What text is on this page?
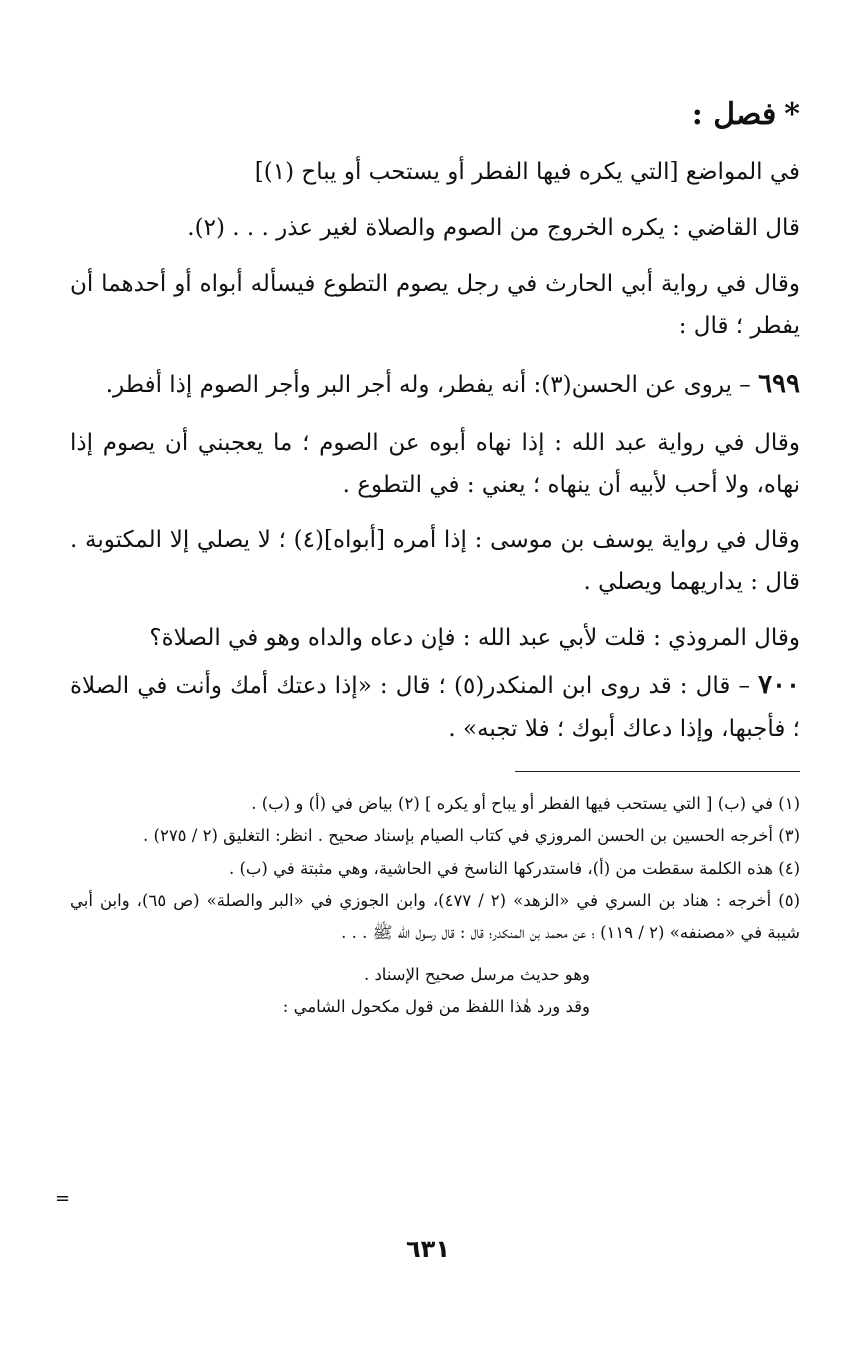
*فصل :

في المواضع [التي يكره فيها الفطر أو يستحب أو يباح (١)]

قال القاضي : يكره الخروج من الصوم والصلاة لغير عذر . . . (٢).

وقال في رواية أبي الحارث في رجل يصوم التطوع فيسأله أبواه أو أحدهما أن يفطر ؛ قال :

٦٩٩ – يروى عن الحسن(٣): أنه يفطر، وله أجر البر وأجر الصوم إذا أفطر.

وقال في رواية عبد الله : إذا نهاه أبوه عن الصوم ؛ ما يعجبني أن يصوم إذا نهاه، ولا أحب لأبيه أن ينهاه ؛ يعني : في التطوع .

وقال في رواية يوسف بن موسى : إذا أمره [أبواه](٤) ؛ لا يصلي إلا المكتوبة . قال : يداريهما ويصلي .

وقال المروذي : قلت لأبي عبد الله : فإن دعاه والداه وهو في الصلاة؟

٧٠٠ – قال : قد روى ابن المنكدر(٥) ؛ قال : «إذا دعتك أمك وأنت في الصلاة ؛ فأجبها، وإذا دعاك أبوك ؛ فلا تجبه» .

(١) في (ب) [ التي يستحب فيها الفطر أو يباح أو يكره ] (٢) بياض في (أ) و (ب) .

(٣) أخرجه الحسين بن الحسن المروزي في كتاب الصيام بإسناد صحيح . انظر: التغليق (٢ / ٢٧٥) .

(٤) هذه الكلمة سقطت من (أ)، فاستدركها الناسخ في الحاشية، وهي مثبتة في (ب) .

(٥) أخرجه : هناد بن السري في «الزهد» (٢ / ٤٧٧)، وابن الجوزي في «البر والصلة» (ص ٦٥)، وابن أبي شيبة في «مصنفه» (٢ / ١١٩) ؛ عن محمد بن المنكدر؛ قال : قال رسول الله ﷺ . . .

وهو حديث مرسل صحيح الإسناد .

وقد ورد هٰذا اللفظ من قول مكحول الشامي :

=
٦٣١
